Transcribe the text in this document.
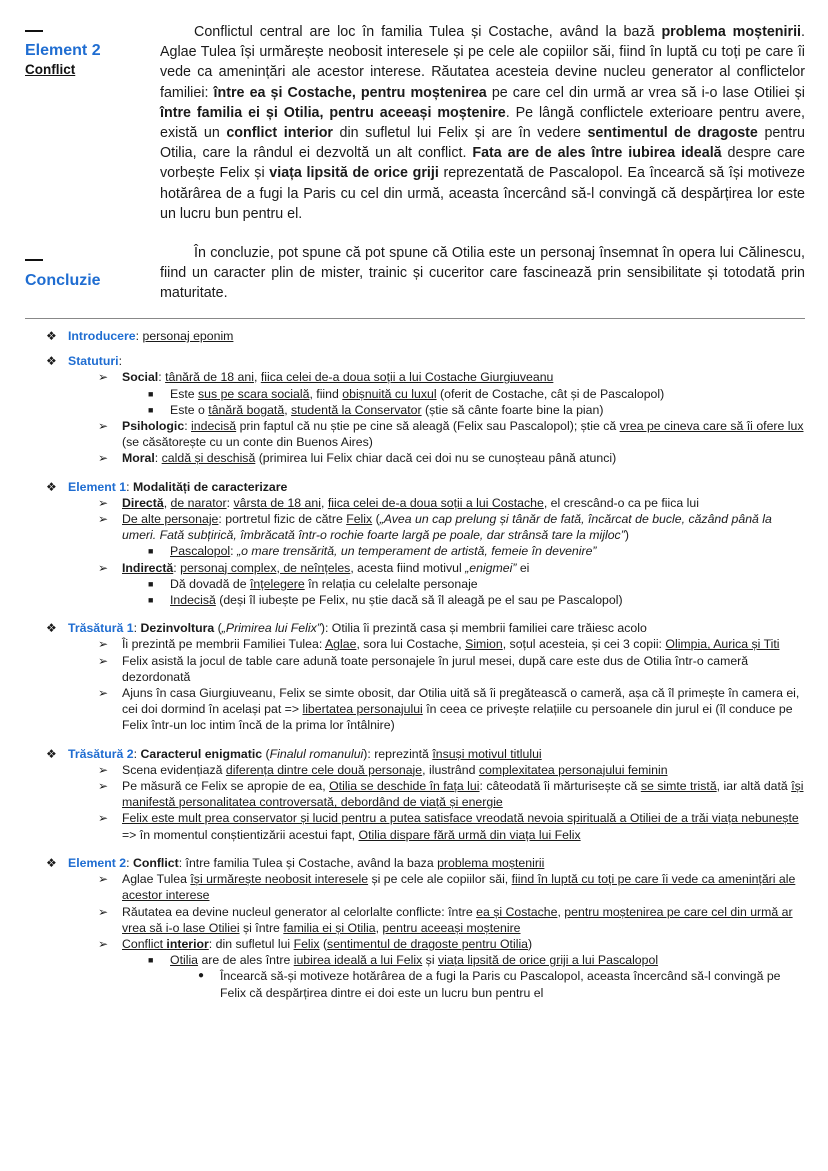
Element 2
Conflict

Conflictul central are loc în familia Tulea și Costache, având la bază problema moștenirii. Aglae Tulea își urmărește neobosit interesele și pe cele ale copiilor săi, fiind în luptă cu toți pe care îi vede ca amenințări ale acestor interese. Răutatea acesteia devine nucleu generator al conflictelor familiei: între ea și Costache, pentru moștenirea pe care cel din urmă ar vrea să i-o lase Otiliei și între familia ei și Otilia, pentru aceeași moștenire. Pe lângă conflictele exterioare pentru avere, există un conflict interior din sufletul lui Felix și are în vedere sentimentul de dragoste pentru Otilia, care la rândul ei dezvoltă un alt conflict. Fata are de ales între iubirea ideală despre care vorbește Felix și viața lipsită de orice griji reprezentată de Pascalopol. Ea încearcă să își motiveze hotărârea de a fugi la Paris cu cel din urmă, aceasta încercând să-l convingă că despărțirea lor este un lucru bun pentru el.

Concluzie

În concluzie, pot spune că pot spune că Otilia este un personaj însemnat în opera lui Călinescu, fiind un caracter plin de mister, trainic și cuceritor care fascinează prin sensibilitate și totodată prin maturitate.

❖ Introducere: personaj eponim
❖ Statuturi:
➢ Social: tânără de 18 ani, fiica celei de-a doua soții a lui Costache Giurgiuveanu
■ Este sus pe scara socială, fiind obișnuită cu luxul (oferit de Costache, cât și de Pascalopol)
■ Este o tânără bogată, studentă la Conservator (știe să cânte foarte bine la pian)
➢ Psihologic: indecisă prin faptul că nu știe pe cine să aleagă (Felix sau Pascalopol); știe că vrea pe cineva care să îi ofere lux (se căsătorește cu un conte din Buenos Aires)
➢ Moral: caldă și deschisă (primirea lui Felix chiar dacă cei doi nu se cunoșteau până atunci)
❖ Element 1: Modalități de caracterizare
➢ Directă, de narator: vârsta de 18 ani, fiica celei de-a doua soții a lui Costache, el crescând-o ca pe fiica lui
➢ De alte personaje: portretul fizic de către Felix („Avea un cap prelung și tânăr de fată, încărcat de bucle, căzând până la umeri. Fată subțirică, îmbrăcată într-o rochie foarte largă pe poale, dar strânsă tare la mijloc”)
■ Pascalopol: „o mare trensărită, un temperament de artistă, femeie în devenire”
➢ Indirectă: personaj complex, de neînțeles, acesta fiind motivul „enigmei” ei
■ Dă dovadă de înțelegere în relația cu celelalte personaje
■ Indecisă (deși îl iubește pe Felix, nu știe dacă să îl aleagă pe el sau pe Pascalopol)
❖ Trăsătură 1: Dezinvoltura („Primirea lui Felix”): Otilia îi prezintă casa și membrii familiei care trăiesc acolo
➢ Îi prezintă pe membrii Familiei Tulea: Aglae, sora lui Costache, Simion, soțul acesteia, și cei 3 copii: Olimpia, Aurica și Titi
➢ Felix asistă la jocul de table care adună toate personajele în jurul mesei, după care este dus de Otilia într-o cameră dezordonată
➢ Ajuns în casa Giurgiuveanu, Felix se simte obosit, dar Otilia uită să îi pregătească o cameră, așa că îl primește în camera ei, cei doi dormind în același pat => libertatea personajului în ceea ce privește relațiile cu persoanele din jurul ei (îl conduce pe Felix într-un loc intim încă de la prima lor întâlnire)
❖ Trăsătură 2: Caracterul enigmatic (Finalul romanului): reprezintă însuși motivul titlului
➢ Scena evidențiază diferența dintre cele două personaje, ilustrând complexitatea personajului feminin
➢ Pe măsură ce Felix se apropie de ea, Otilia se deschide în fața lui: câteodată îi mărturisește că se simte tristă, iar altă dată își manifestă personalitatea controversată, debordând de viață și energie
➢ Felix este mult prea conservator și lucid pentru a putea satisface vreodată nevoia spirituală a Otiliei de a trăi viața nebunește => în momentul conștientizării acestui fapt, Otilia dispare fără urmă din viața lui Felix
❖ Element 2: Conflict: între familia Tulea și Costache, având la baza problema moștenirii
➢ Aglae Tulea își urmărește neobosit interesele și pe cele ale copiilor săi, fiind în luptă cu toți pe care îi vede ca amenințări ale acestor interese
➢ Răutatea ea devine nucleul generator al celorlalte conflicte: între ea și Costache, pentru moștenirea pe care cel din urmă ar vrea să i-o lase Otiliei și între familia ei și Otilia, pentru aceeași moștenire
➢ Conflict interior: din sufletul lui Felix (sentimentul de dragoste pentru Otilia)
■ Otilia are de ales între iubirea ideală a lui Felix și viața lipsită de orice griji a lui Pascalopol
● Încearcă să-și motiveze hotărârea de a fugi la Paris cu Pascalopol, aceasta încercând să-l convingă pe Felix că despărțirea dintre ei doi este un lucru bun pentru el
